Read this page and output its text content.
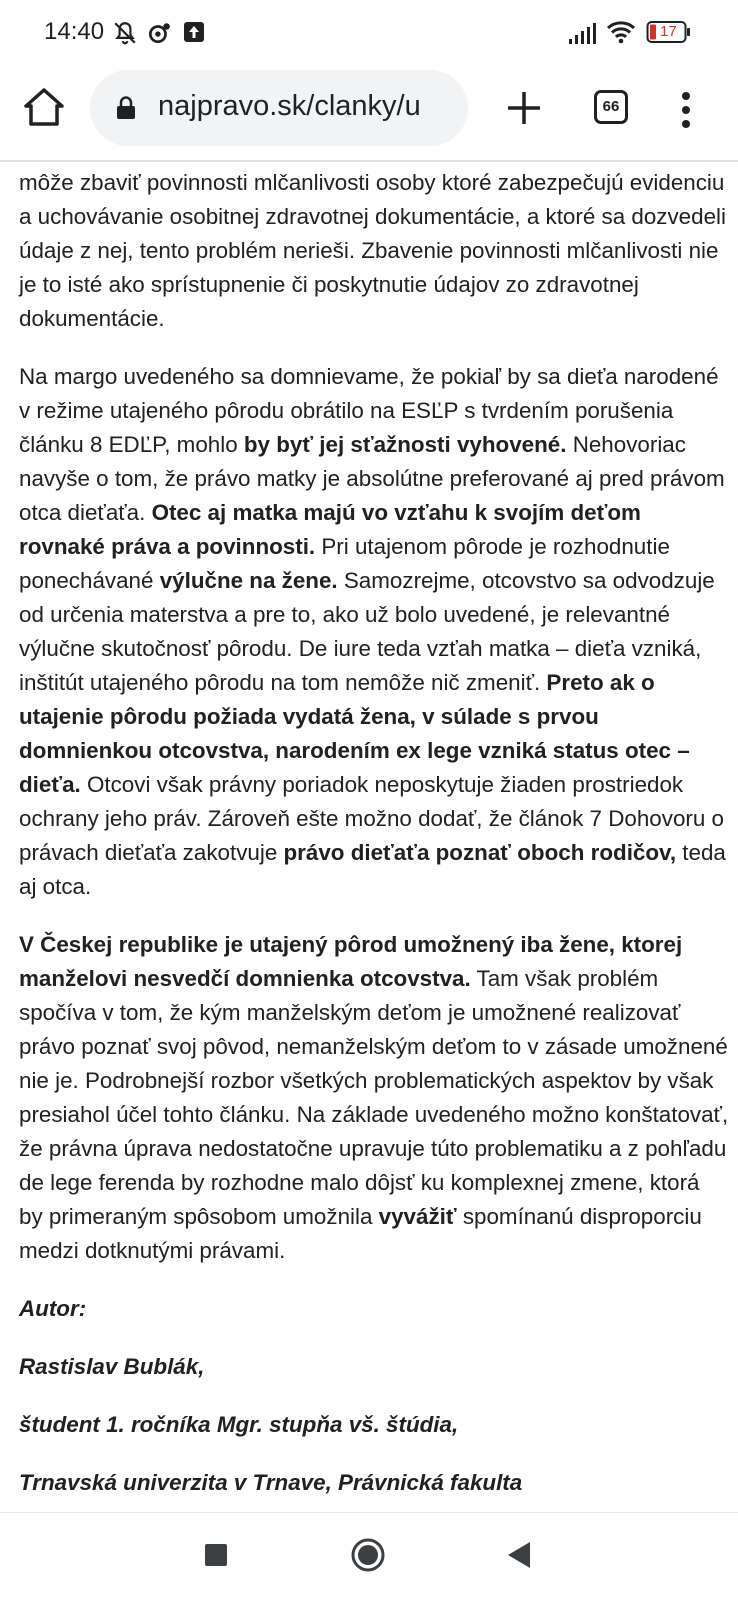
14:40	17
najpravo.sk/clanky/u	66

môže zbaviť povinnosti mlčanlivosti osoby ktoré zabezpečujú evidenciu a uchovávanie osobitnej zdravotnej dokumentácie, a ktoré sa dozvedeli údaje z nej, tento problém nerieši. Zbavenie povinnosti mlčanlivosti nie je to isté ako sprístupnenie či poskytnutie údajov zo zdravotnej dokumentácie.

Na margo uvedeného sa domnievame, že pokiaľ by sa dieťa narodené v režime utajeného pôrodu obrátilo na ESĽP s tvrdením porušenia článku 8 EDĽP, mohlo by byť jej sťažnosti vyhovené. Nehovoriac navyše o tom, že právo matky je absolútne preferované aj pred právom otca dieťaťa. Otec aj matka majú vo vzťahu k svojím deťom rovnaké práva a povinnosti. Pri utajenom pôrode je rozhodnutie ponechávané výlučne na žene. Samozrejme, otcovstvo sa odvodzuje od určenia materstva a pre to, ako už bolo uvedené, je relevantné výlučne skutočnosť pôrodu. De iure teda vzťah matka – dieťa vzniká, inštitút utajeného pôrodu na tom nemôže nič zmeniť. Preto ak o utajenie pôrodu požiada vydatá žena, v súlade s prvou domnienkou otcovstva, narodením ex lege vzniká status otec – dieťa. Otcovi však právny poriadok neposkytuje žiaden prostriedok ochrany jeho práv. Zároveň ešte možno dodať, že článok 7 Dohovoru o právach dieťaťa zakotvuje právo dieťaťa poznať oboch rodičov, teda aj otca.

V Českej republike je utajený pôrod umožnený iba žene, ktorej manželovi nesvedčí domnienka otcovstva. Tam však problém spočíva v tom, že kým manželským deťom je umožnené realizovať právo poznať svoj pôvod, nemanželským deťom to v zásade umožnené nie je. Podrobnejší rozbor všetkých problematických aspektov by však presiahol účel tohto článku. Na základe uvedeného možno konštatovať, že právna úprava nedostatočne upravuje túto problematiku a z pohľadu de lege ferenda by rozhodne malo dôjsť ku komplexnej zmene, ktorá by primeraným spôsobom umožnila vyvážiť spomínanú disproporciu medzi dotknutými právami.

Autor:

Rastislav Bublák,

študent 1. ročníka Mgr. stupňa vš. štúdia,

Trnavská univerzita v Trnave, Právnická fakulta
